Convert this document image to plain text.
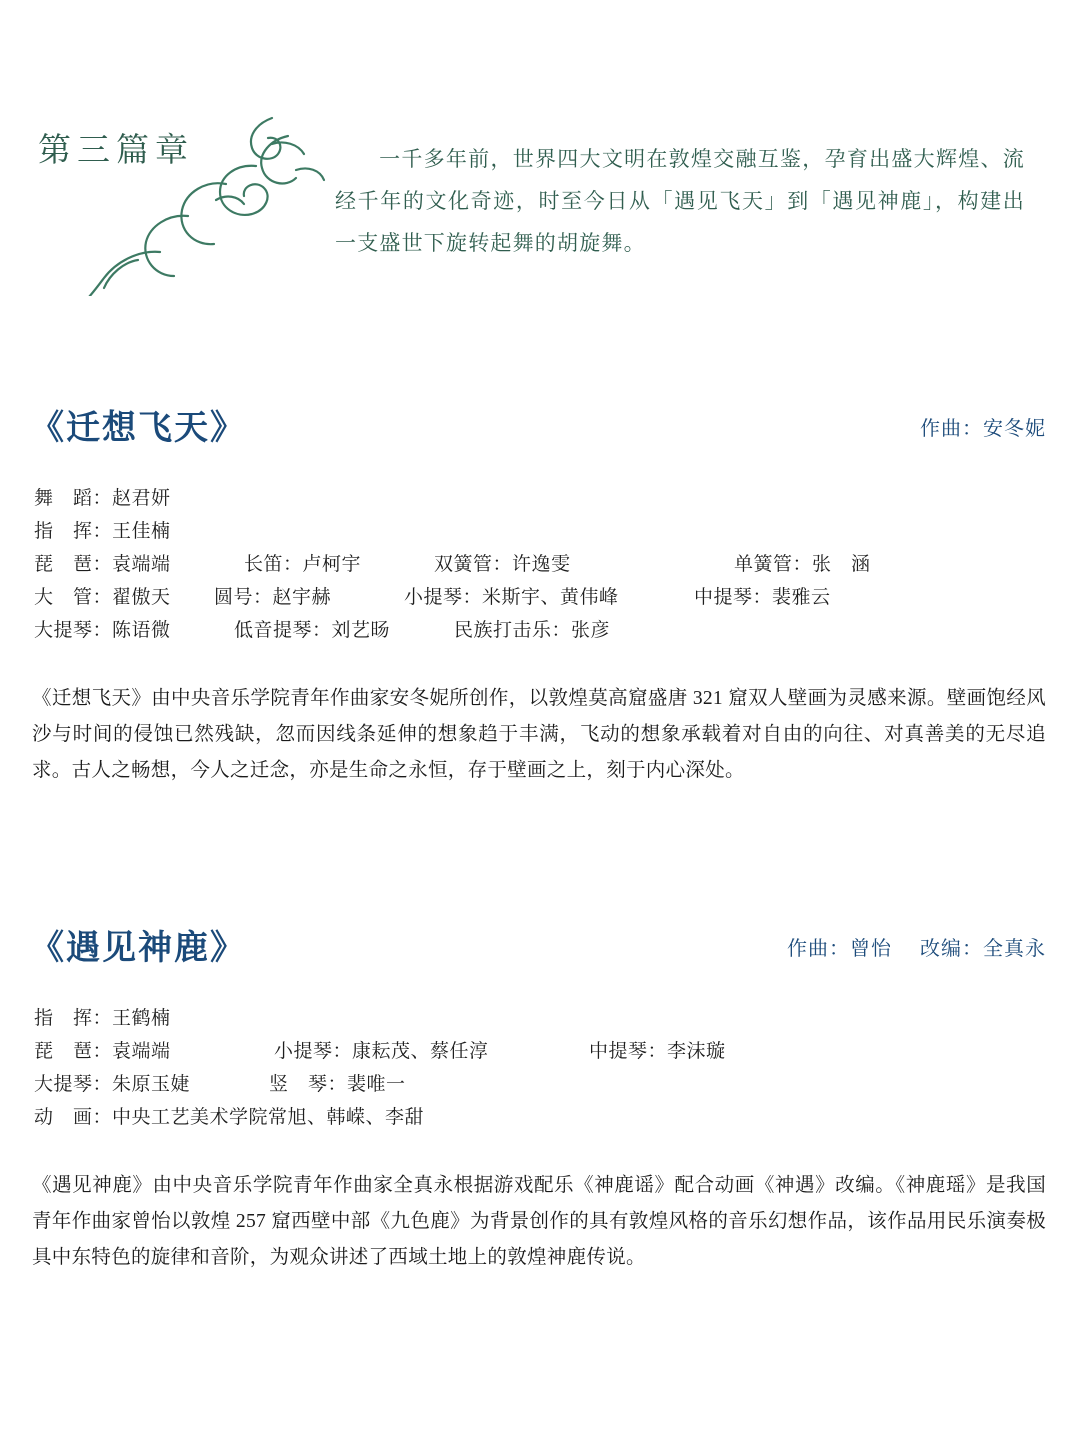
第三篇章	一千多年前，世界四大文明在敦煌交融互鉴，孕育出盛大辉煌、流经千年的文化奇迹，时至今日从「遇见飞天」到「遇见神鹿」，构建出一支盛世下旋转起舞的胡旋舞。
《迁想飞天》	作曲：安冬妮
舞　蹈：赵君妍
指　挥：王佳楠
琵　琶：袁端端	长笛：卢柯宇	双簧管：许逸雯	单簧管：张　涵
大　管：翟傲天 圆号：赵宇赫	小提琴：米斯宇、黄伟峰	中提琴：裴雅云
大提琴：陈语微	低音提琴：刘艺旸	民族打击乐：张彦
《迁想飞天》由中央音乐学院青年作曲家安冬妮所创作，以敦煌莫高窟盛唐 321 窟双人壁画为灵感来源。壁画饱经风沙与时间的侵蚀已然残缺，忽而因线条延伸的想象趋于丰满，飞动的想象承载着对自由的向往、对真善美的无尽追求。古人之畅想，今人之迁念，亦是生命之永恒，存于壁画之上，刻于内心深处。
《遇见神鹿》	作曲：曾怡 改编：全真永
指　挥：王鹤楠
琵　琶：袁端端	小提琴：康耘茂、蔡任淳	中提琴：李沫璇
大提琴：朱原玉婕	竖　琴：裴唯一
动　画：中央工艺美术学院常旭、韩嵘、李甜
《遇见神鹿》由中央音乐学院青年作曲家全真永根据游戏配乐《神鹿谣》配合动画《神遇》改编。《神鹿瑶》是我国青年作曲家曾怡以敦煌 257 窟西壁中部《九色鹿》为背景创作的具有敦煌风格的音乐幻想作品，该作品用民乐演奏极具中东特色的旋律和音阶，为观众讲述了西域土地上的敦煌神鹿传说。
